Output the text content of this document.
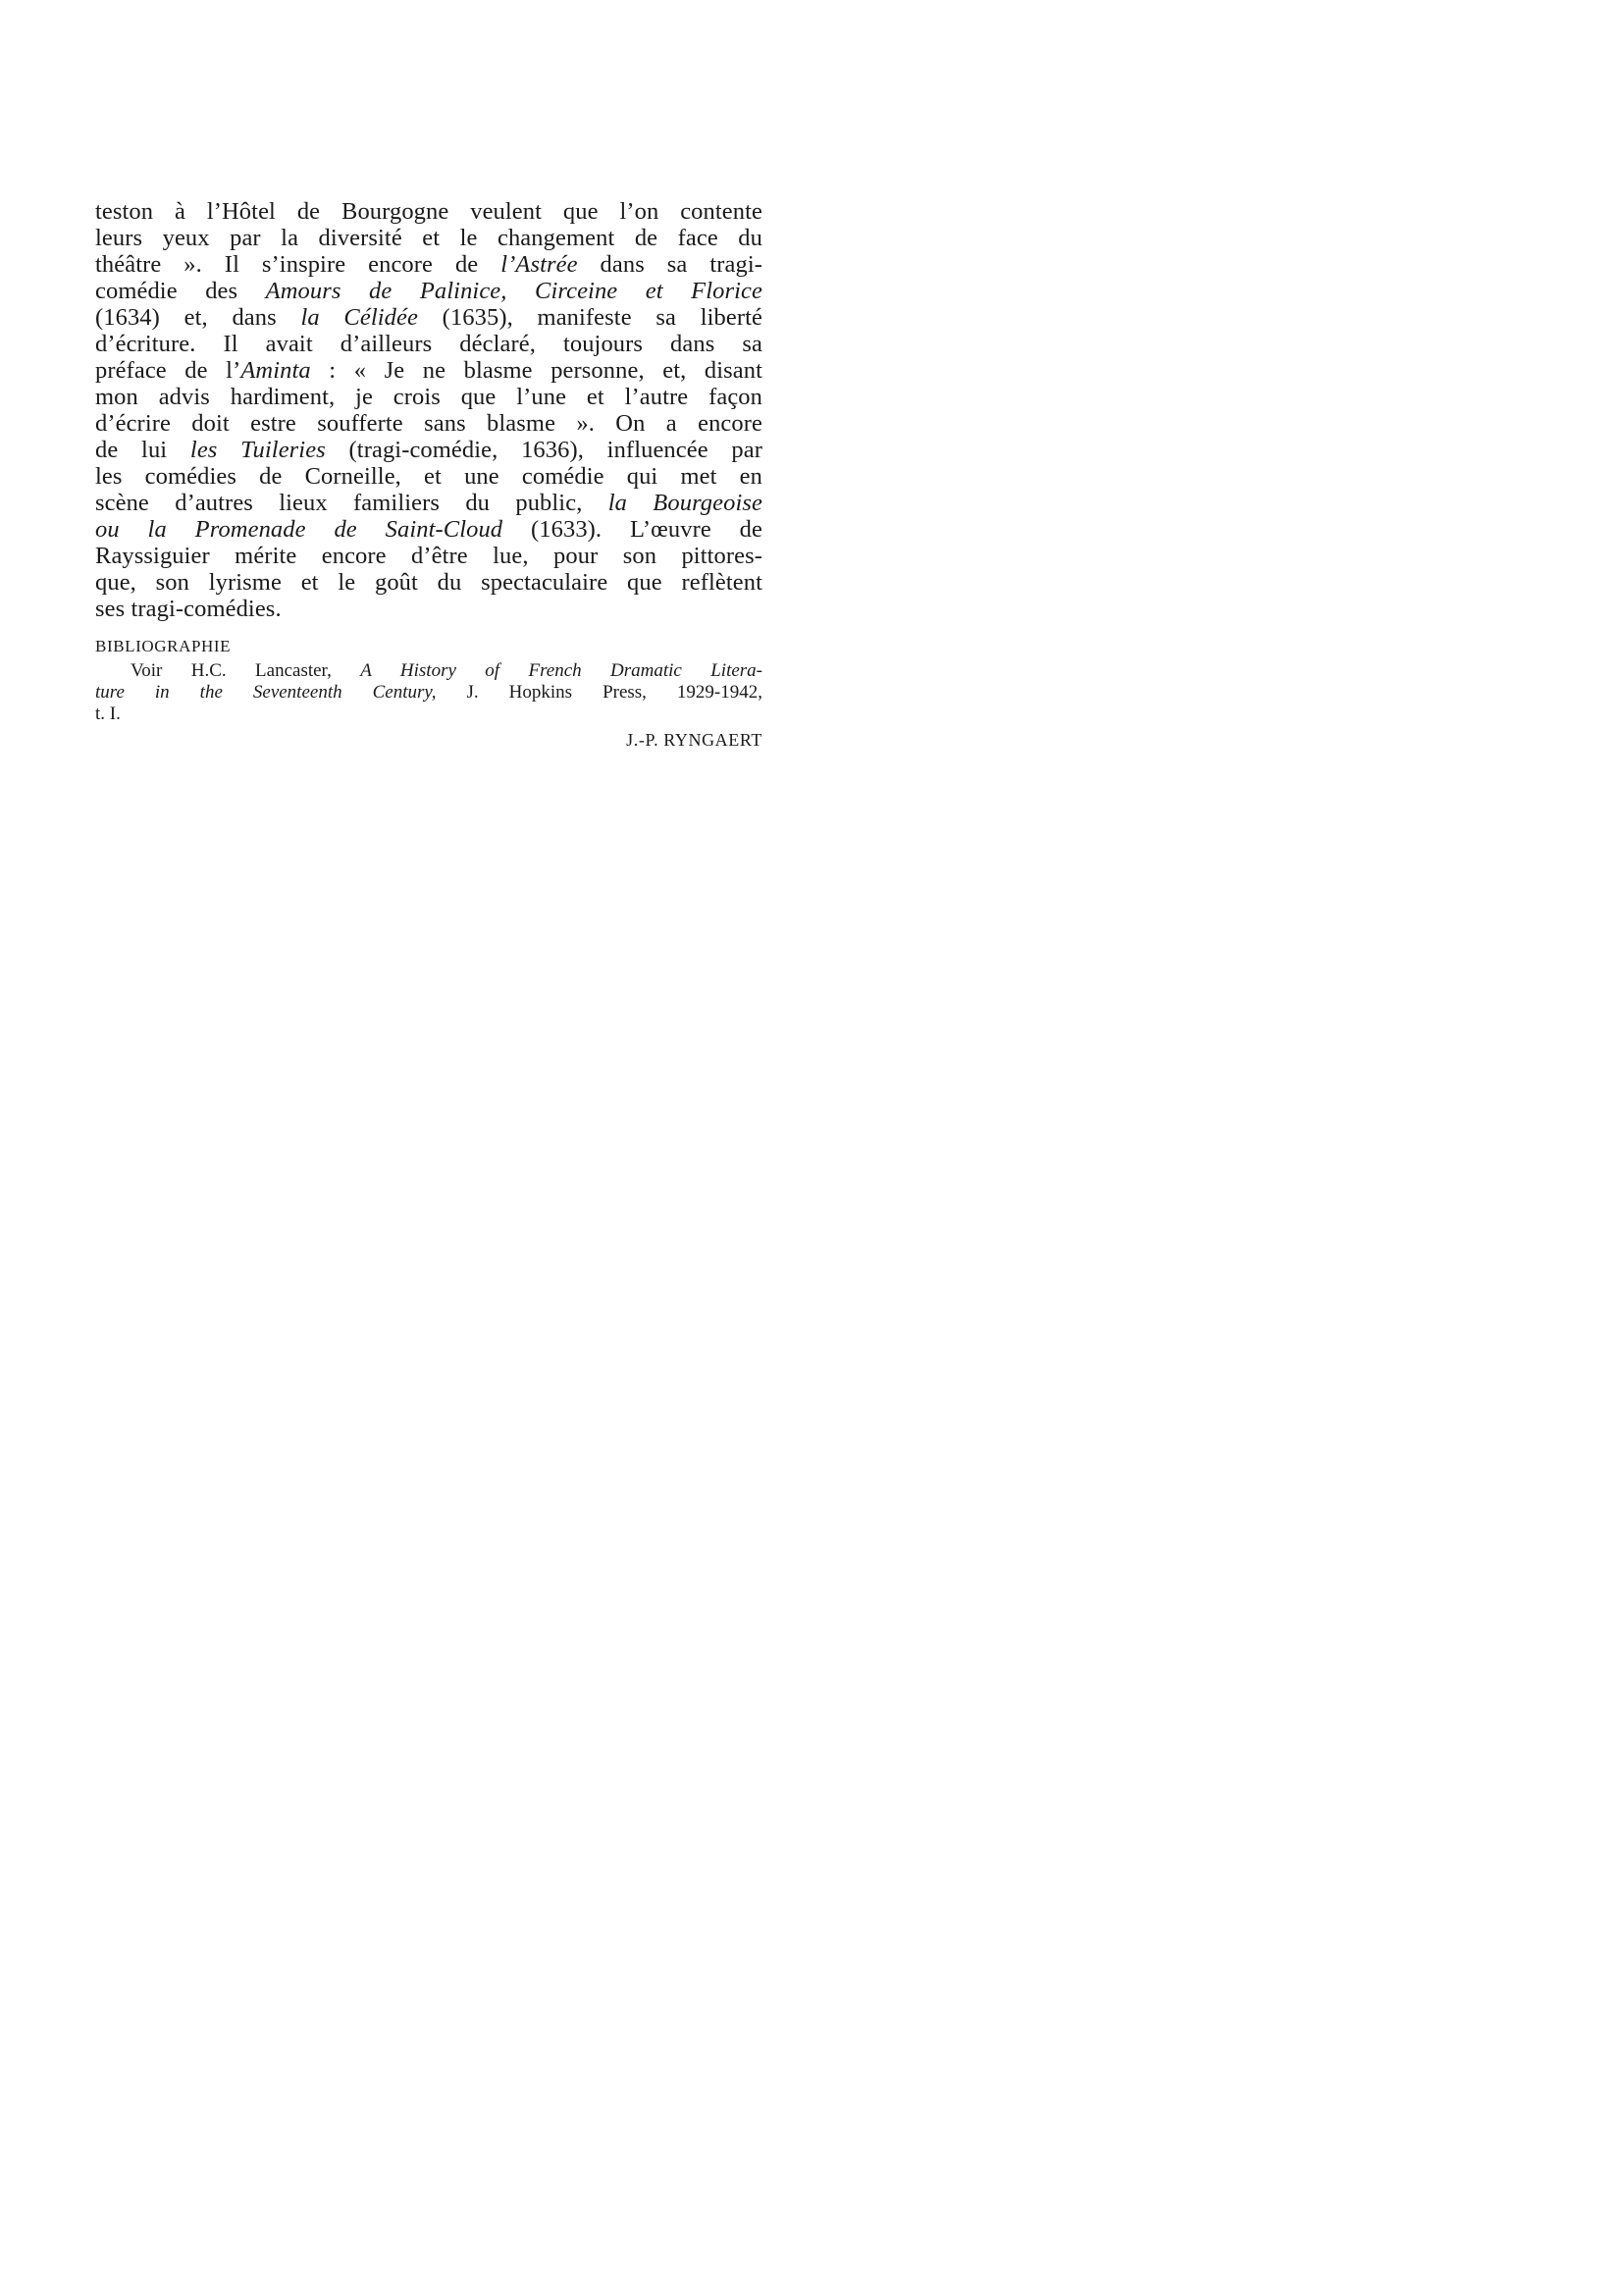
teston à l’Hôtel de Bourgogne veulent que l’on contente
leurs yeux par la diversité et le changement de face du
théâtre ». Il s’inspire encore de l’Astrée dans sa tragi-
comédie des Amours de Palinice, Circeine et Florice
(1634) et, dans la Célidée (1635), manifeste sa liberté
d’écriture. Il avait d’ailleurs déclaré, toujours dans sa
préface de l’Aminta : « Je ne blasme personne, et, disant
mon advis hardiment, je crois que l’une et l’autre façon
d’écrire doit estre soufferte sans blasme ». On a encore
de lui les Tuileries (tragi-comédie, 1636), influencée par
les comédies de Corneille, et une comédie qui met en
scène d’autres lieux familiers du public, la Bourgeoise
ou la Promenade de Saint-Cloud (1633). L’œuvre de
Rayssiguier mérite encore d’être lue, pour son pittores-
que, son lyrisme et le goût du spectaculaire que reflètent
ses tragi-comédies.
BIBLIOGRAPHIE
Voir H.C. Lancaster, A History of French Dramatic Litera-
ture in the Seventeenth Century, J. Hopkins Press, 1929-1942,
t. I.
J.-P. RYNGAERT
